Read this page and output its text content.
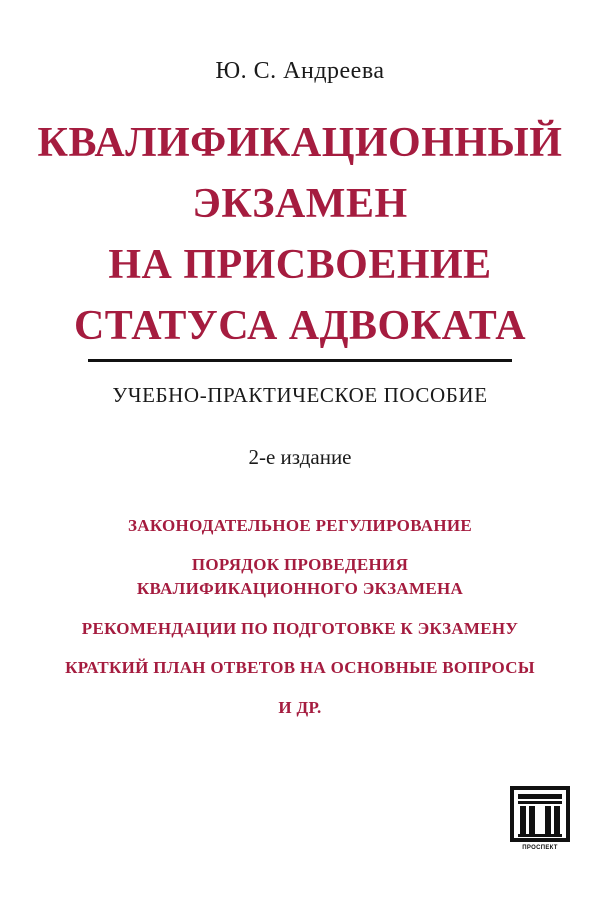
Ю. С. Андреева
КВАЛИФИКАЦИОННЫЙ
ЭКЗАМЕН
НА ПРИСВОЕНИЕ
СТАТУСА АДВОКАТА
УЧЕБНО-ПРАКТИЧЕСКОЕ ПОСОБИЕ
2-е издание
ЗАКОНОДАТЕЛЬНОЕ РЕГУЛИРОВАНИЕ
ПОРЯДОК ПРОВЕДЕНИЯ
КВАЛИФИКАЦИОННОГО ЭКЗАМЕНА
РЕКОМЕНДАЦИИ ПО ПОДГОТОВКЕ К ЭКЗАМЕНУ
КРАТКИЙ ПЛАН ОТВЕТОВ НА ОСНОВНЫЕ ВОПРОСЫ
И ДР.
ПРОСПЕКТ
